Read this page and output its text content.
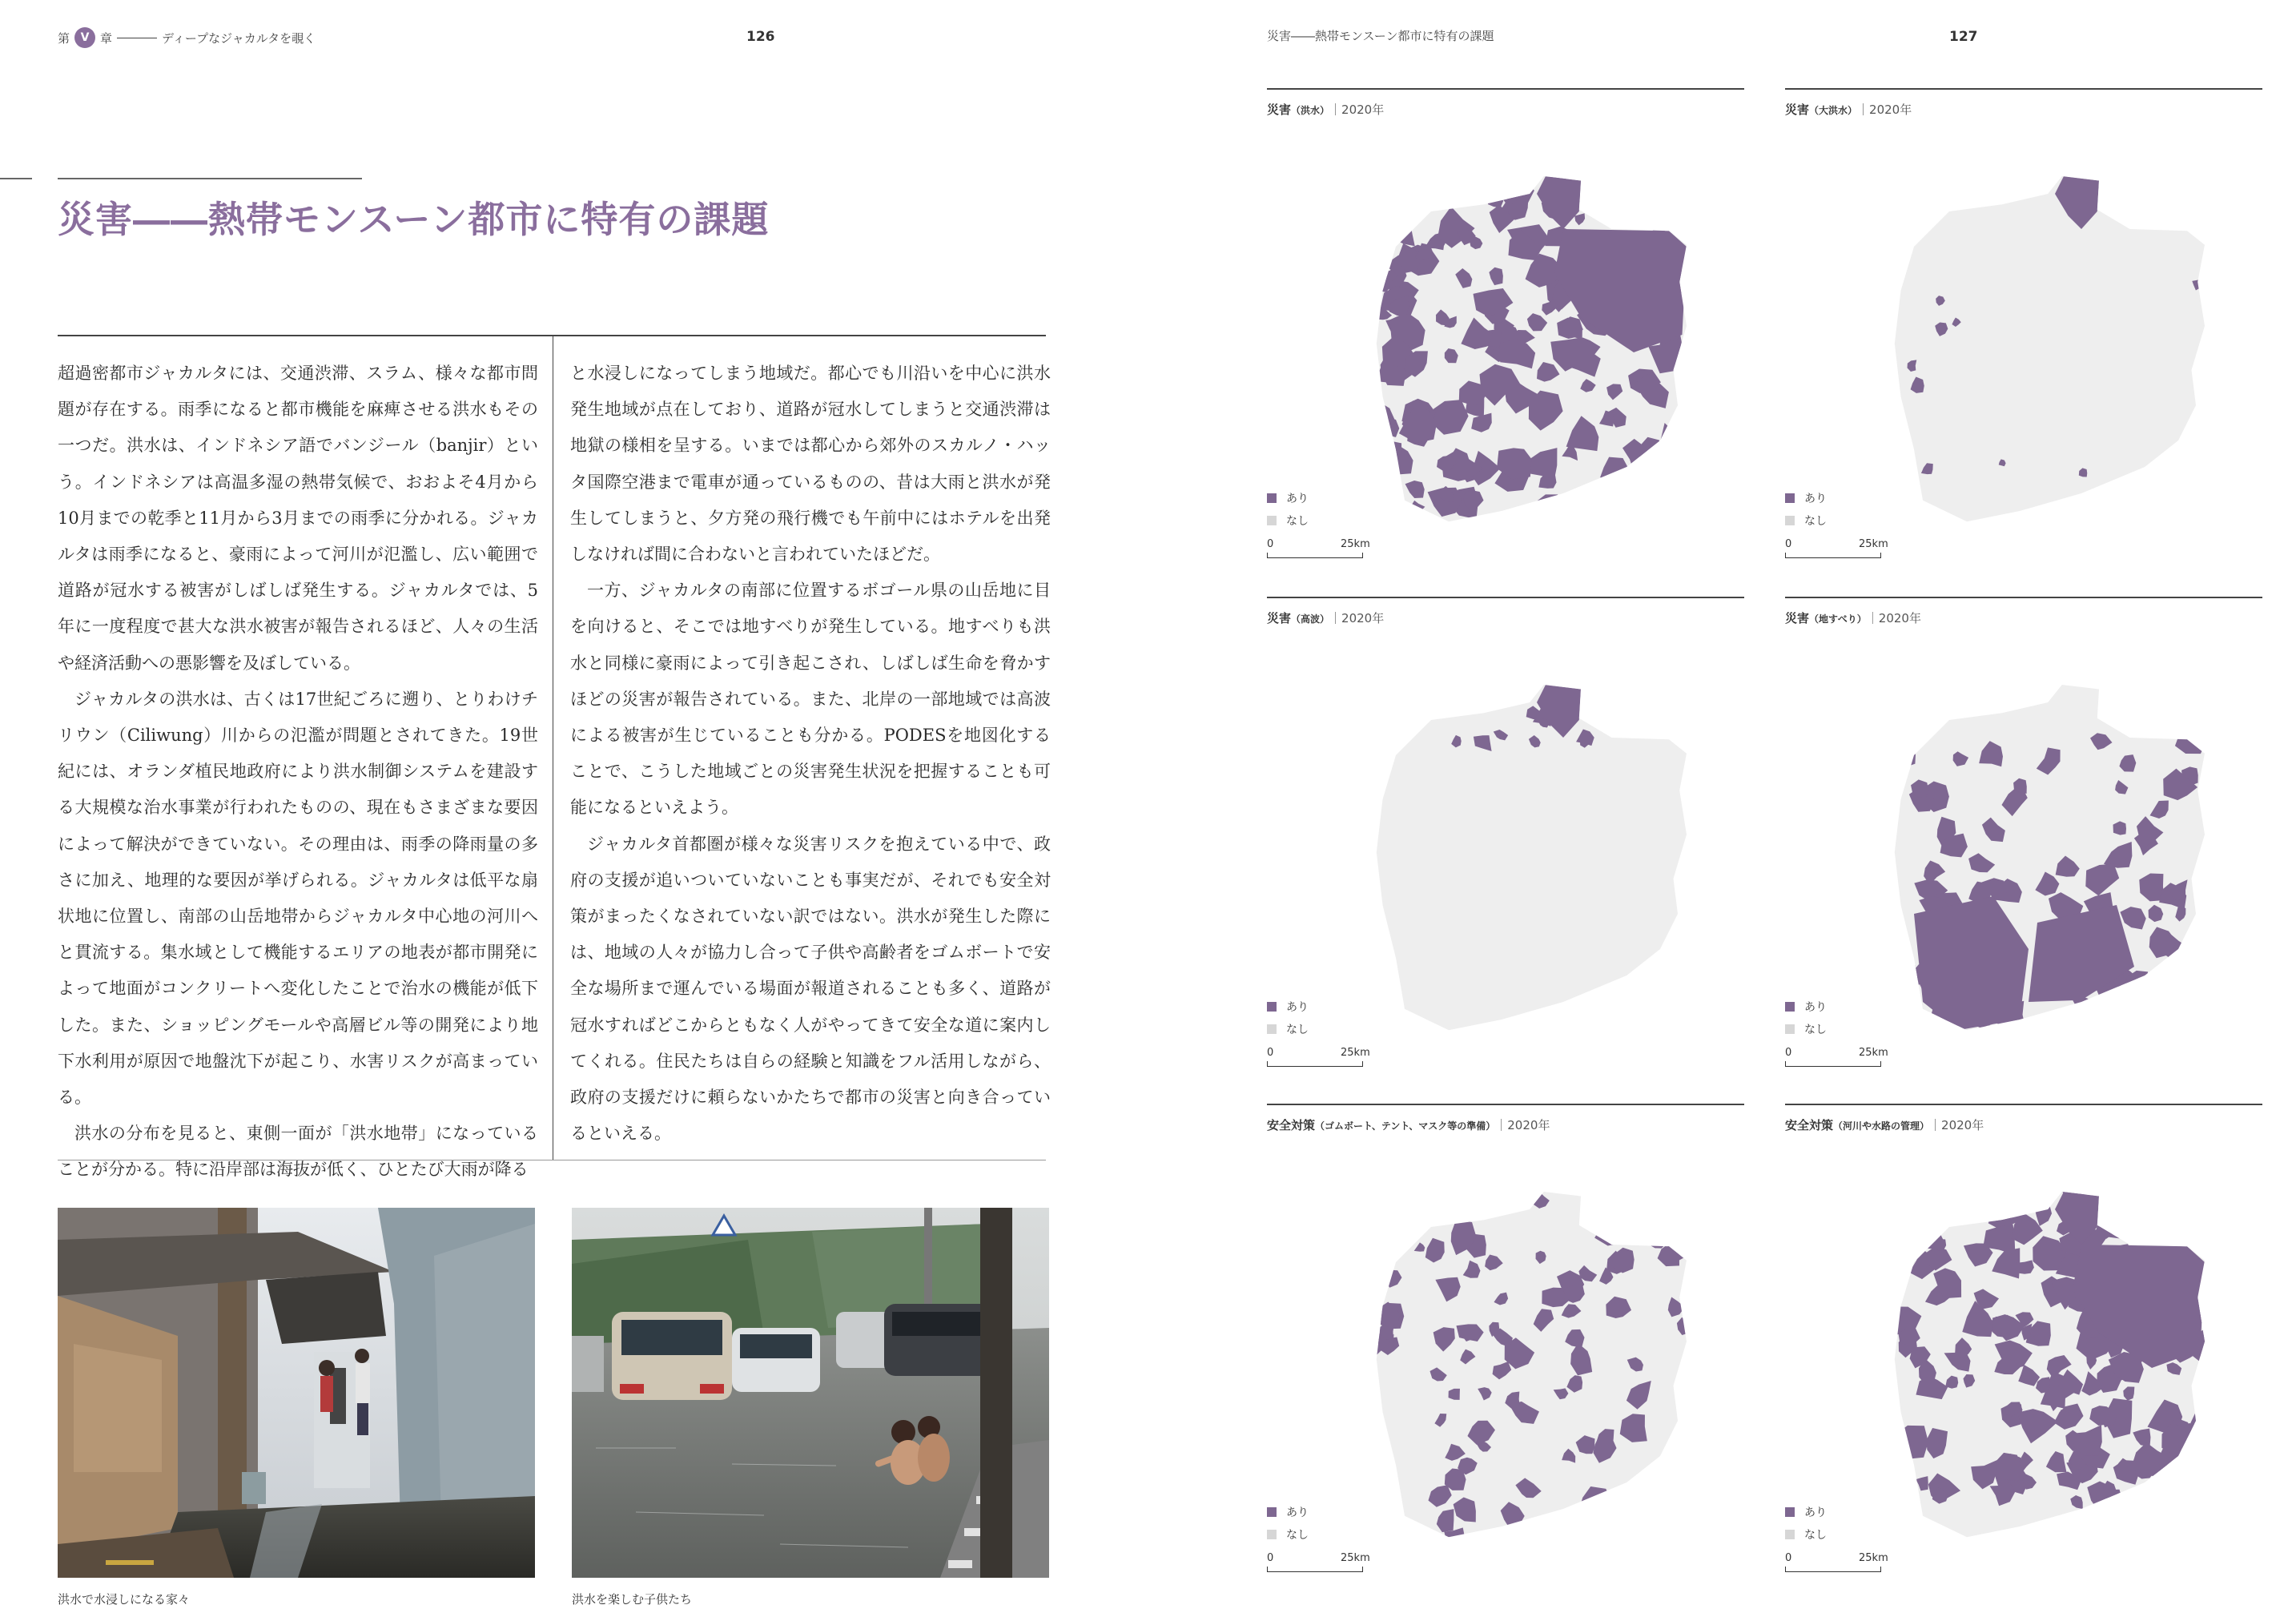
第 V 章	ディープなジャカルタを覗く	126
災害――熱帯モンスーン都市に特有の課題

超過密都市ジャカルタには、交通渋滞、スラム、様々な都市問題が存在する。雨季になると都市機能を麻痺させる洪水もその一つだ。洪水は、インドネシア語でバンジール（banjir）という。インドネシアは高温多湿の熱帯気候で、おおよそ4月から10月までの乾季と11月から3月までの雨季に分かれる。ジャカルタは雨季になると、豪雨によって河川が氾濫し、広い範囲で道路が冠水する被害がしばしば発生する。ジャカルタでは、5年に一度程度で甚大な洪水被害が報告されるほど、人々の生活や経済活動への悪影響を及ぼしている。

ジャカルタの洪水は、古くは17世紀ごろに遡り、とりわけチリウン（Ciliwung）川からの氾濫が問題とされてきた。19世紀には、オランダ植民地政府により洪水制御システムを建設する大規模な治水事業が行われたものの、現在もさまざまな要因によって解決ができていない。その理由は、雨季の降雨量の多さに加え、地理的な要因が挙げられる。ジャカルタは低平な扇状地に位置し、南部の山岳地帯からジャカルタ中心地の河川へと貫流する。集水域として機能するエリアの地表が都市開発によって地面がコンクリートへ変化したことで治水の機能が低下した。また、ショッピングモールや高層ビル等の開発により地下水利用が原因で地盤沈下が起こり、水害リスクが高まっている。

洪水の分布を見ると、東側一面が「洪水地帯」になっていることが分かる。特に沿岸部は海抜が低く、ひとたび大雨が降る

と水浸しになってしまう地域だ。都心でも川沿いを中心に洪水発生地域が点在しており、道路が冠水してしまうと交通渋滞は地獄の様相を呈する。いまでは都心から郊外のスカルノ・ハッタ国際空港まで電車が通っているものの、昔は大雨と洪水が発生してしまうと、夕方発の飛行機でも午前中にはホテルを出発しなければ間に合わないと言われていたほどだ。

一方、ジャカルタの南部に位置するボゴール県の山岳地に目を向けると、そこでは地すべりが発生している。地すべりも洪水と同様に豪雨によって引き起こされ、しばしば生命を脅かすほどの災害が報告されている。また、北岸の一部地域では高波による被害が生じていることも分かる。PODESを地図化することで、こうした地域ごとの災害発生状況を把握することも可能になるといえよう。

ジャカルタ首都圏が様々な災害リスクを抱えている中で、政府の支援が追いついていないことも事実だが、それでも安全対策がまったくなされていない訳ではない。洪水が発生した際には、地域の人々が協力し合って子供や高齢者をゴムボートで安全な場所まで運んでいる場面が報道されることも多く、道路が冠水すればどこからともなく人がやってきて安全な道に案内してくれる。住民たちは自らの経験と知識をフル活用しながら、政府の支援だけに頼らないかたちで都市の災害と向き合っているといえる。

洪水で水浸しになる家々	洪水を楽しむ子供たち
災害――熱帯モンスーン都市に特有の課題	127
災害（洪水）｜2020年
あり
なし
0	25km
災害（大洪水）｜2020年
あり
なし
0	25km
災害（高波）｜2020年
あり
なし
0	25km
災害（地すべり）｜2020年
あり
なし
0	25km
安全対策（ゴムボート、テント、マスク等の準備）｜2020年
あり
なし
0	25km
安全対策（河川や水路の管理）｜2020年
あり
なし
0	25km
